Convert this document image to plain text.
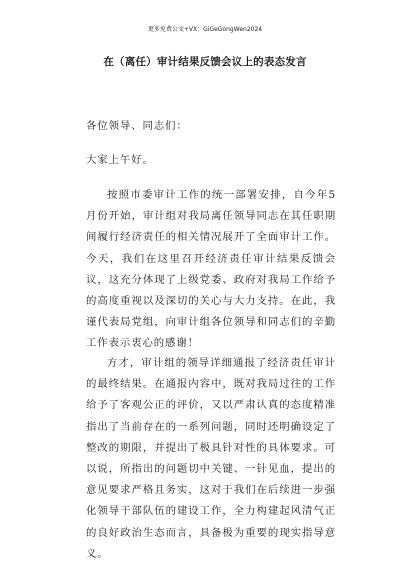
更多免费公文+VX：GiGeGongWen2024
在（离任）审计结果反馈会议上的表态发言
各位领导、同志们：
大家上午好。
按照市委审计工作的统一部署安排，自今年5月份开始，审计组对我局离任领导同志在其任职期间履行经济责任的相关情况展开了全面审计工作。今天，我们在这里召开经济责任审计结果反馈会议，这充分体现了上级党委、政府对我局工作给予的高度重视以及深切的关心与大力支持。在此，我谨代表局党组，向审计组各位领导和同志们的辛勤工作表示衷心的感谢！
方才，审计组的领导详细通报了经济责任审计的最终结果。在通报内容中，既对我局过往的工作给予了客观公正的评价，又以严肃认真的态度精准指出了当前存在的一系列问题，同时还明确设定了整改的期限，并提出了极具针对性的具体要求。可以说，所指出的问题切中关键、一针见血，提出的意见要求严格且务实，这对于我们在后续进一步强化领导干部队伍的建设工作，全力构建起风清气正的良好政治生态而言，具备极为重要的现实指导意义。
